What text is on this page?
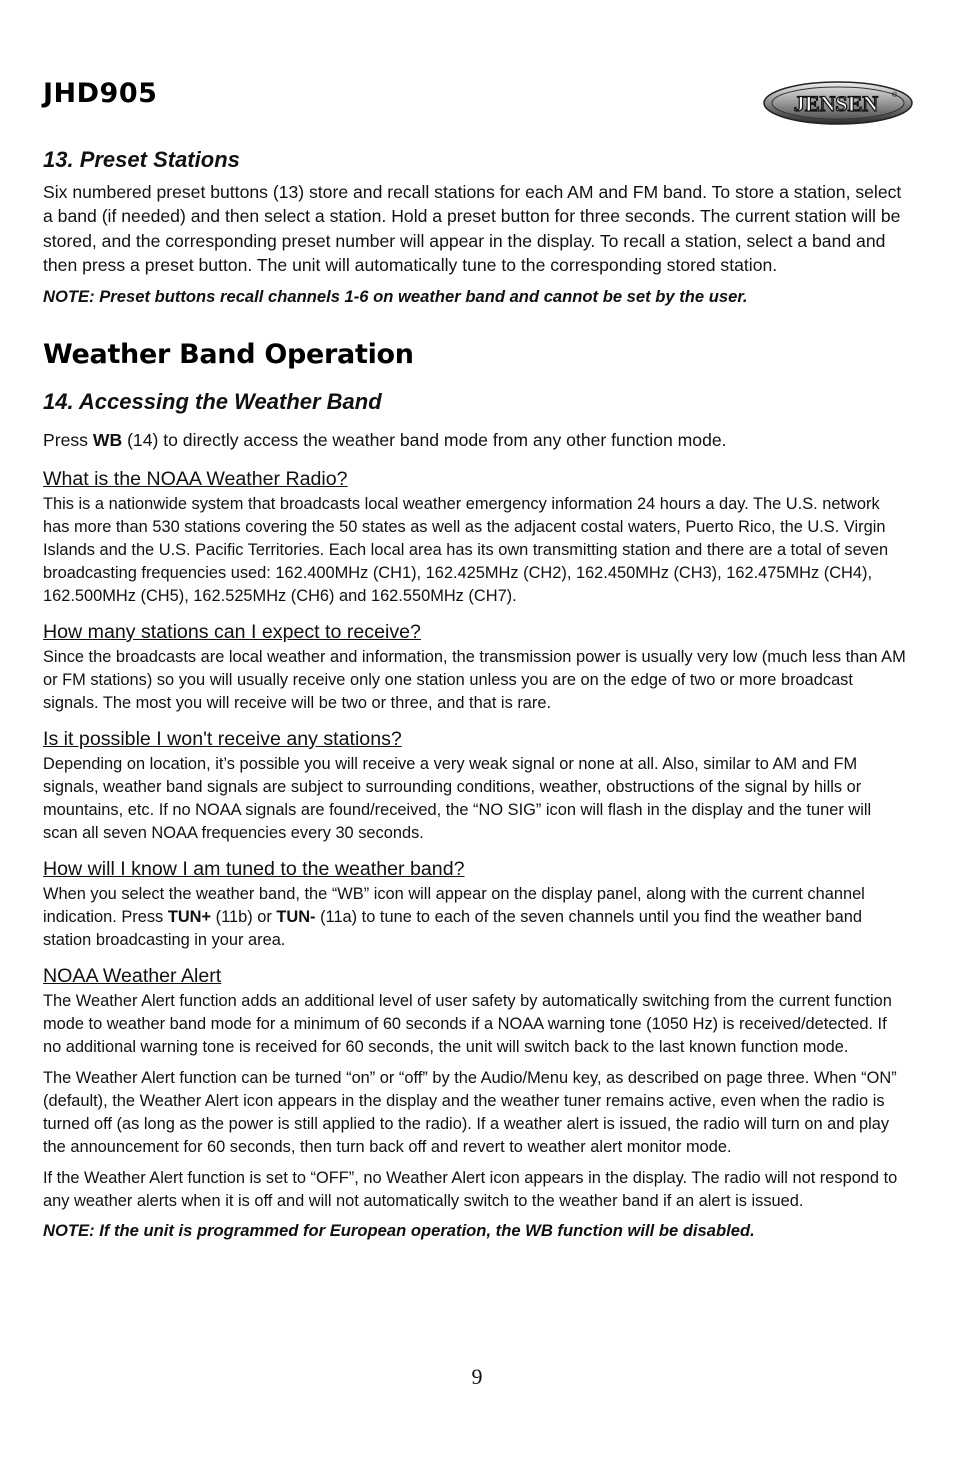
JHD905	JENSEN ®
13. Preset Stations

Six numbered preset buttons (13) store and recall stations for each AM and FM band. To store a station, select a band (if needed) and then select a station. Hold a preset button for three seconds. The current station will be stored, and the corresponding preset number will appear in the display. To recall a station, select a band and then press a preset button. The unit will automatically tune to the corresponding stored station.

NOTE: Preset buttons recall channels 1-6 on weather band and cannot be set by the user.

Weather Band Operation
14. Accessing the Weather Band

Press WB (14) to directly access the weather band mode from any other function mode.

What is the NOAA Weather Radio?

This is a nationwide system that broadcasts local weather emergency information 24 hours a day. The U.S. network has more than 530 stations covering the 50 states as well as the adjacent costal waters, Puerto Rico, the U.S. Virgin Islands and the U.S. Pacific Territories. Each local area has its own transmitting station and there are a total of seven broadcasting frequencies used: 162.400MHz (CH1), 162.425MHz (CH2), 162.450MHz (CH3), 162.475MHz (CH4), 162.500MHz (CH5), 162.525MHz (CH6) and 162.550MHz (CH7).

How many stations can I expect to receive?

Since the broadcasts are local weather and information, the transmission power is usually very low (much less than AM or FM stations) so you will usually receive only one station unless you are on the edge of two or more broadcast signals. The most you will receive will be two or three, and that is rare.

Is it possible I won't receive any stations?

Depending on location, it’s possible you will receive a very weak signal or none at all. Also, similar to AM and FM signals, weather band signals are subject to surrounding conditions, weather, obstructions of the signal by hills or mountains, etc. If no NOAA signals are found/received, the “NO SIG” icon will flash in the display and the tuner will scan all seven NOAA frequencies every 30 seconds.

How will I know I am tuned to the weather band?

When you select the weather band, the “WB” icon will appear on the display panel, along with the current channel indication. Press TUN+ (11b) or TUN- (11a) to tune to each of the seven channels until you find the weather band station broadcasting in your area.

NOAA Weather Alert

The Weather Alert function adds an additional level of user safety by automatically switching from the current function mode to weather band mode for a minimum of 60 seconds if a NOAA warning tone (1050 Hz) is received/detected. If no additional warning tone is received for 60 seconds, the unit will switch back to the last known function mode.

The Weather Alert function can be turned “on” or “off” by the Audio/Menu key, as described on page three. When “ON” (default), the Weather Alert icon appears in the display and the weather tuner remains active, even when the radio is turned off (as long as the power is still applied to the radio). If a weather alert is issued, the radio will turn on and play the announcement for 60 seconds, then turn back off and revert to weather alert monitor mode.

If the Weather Alert function is set to “OFF”, no Weather Alert icon appears in the display. The radio will not respond to any weather alerts when it is off and will not automatically switch to the weather band if an alert is issued.

NOTE: If the unit is programmed for European operation, the WB function will be disabled.

9
